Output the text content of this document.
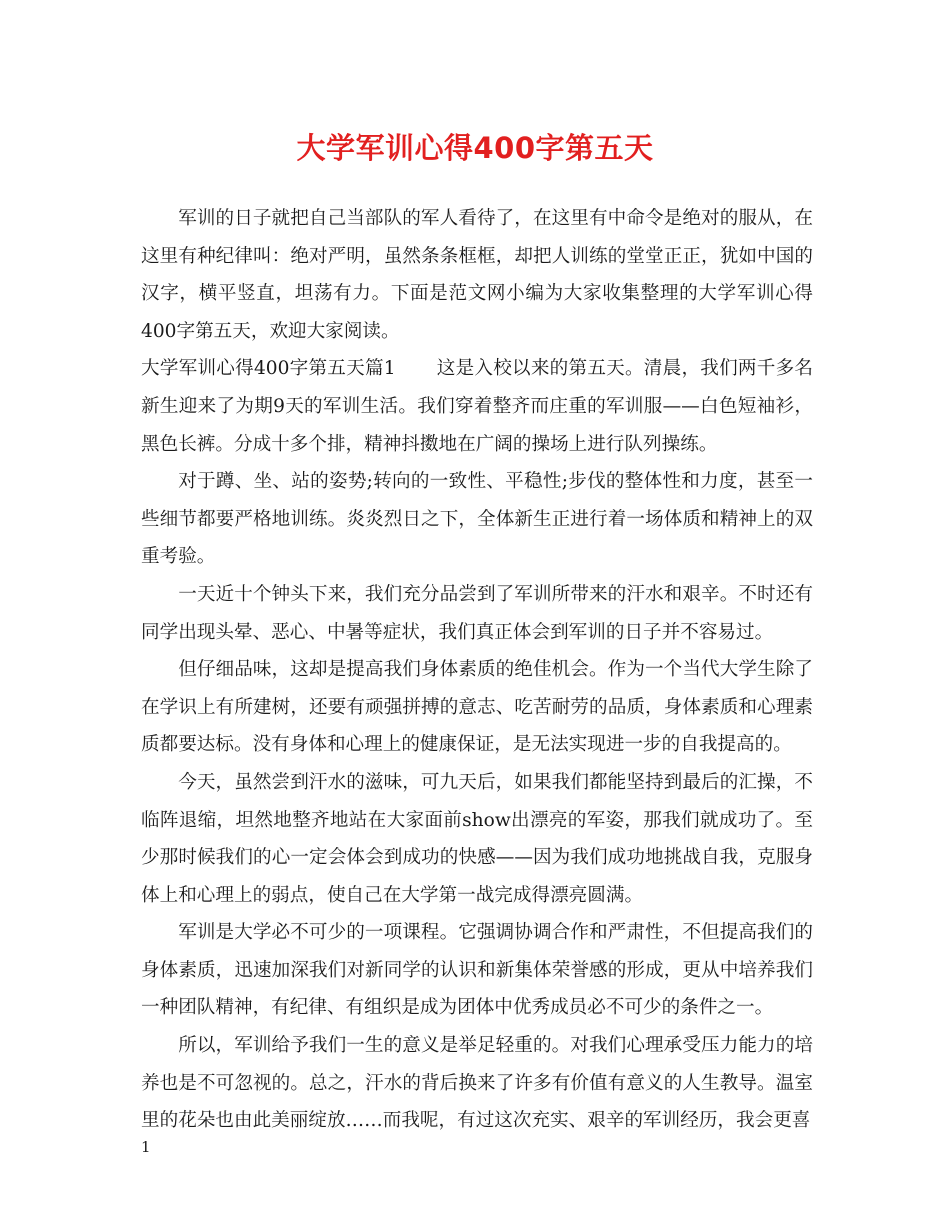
大学军训心得400字第五天

军训的日子就把自己当部队的军人看待了，在这里有中命令是绝对的服从，在这里有种纪律叫：绝对严明，虽然条条框框，却把人训练的堂堂正正，犹如中国的汉字，横平竖直，坦荡有力。下面是范文网小编为大家收集整理的大学军训心得400字第五天，欢迎大家阅读。

大学军训心得400字第五天篇1 这是入校以来的第五天。清晨，我们两千多名新生迎来了为期9天的军训生活。我们穿着整齐而庄重的军训服——白色短袖衫，黑色长裤。分成十多个排，精神抖擞地在广阔的操场上进行队列操练。

对于蹲、坐、站的姿势;转向的一致性、平稳性;步伐的整体性和力度，甚至一些细节都要严格地训练。炎炎烈日之下，全体新生正进行着一场体质和精神上的双重考验。

一天近十个钟头下来，我们充分品尝到了军训所带来的汗水和艰辛。不时还有同学出现头晕、恶心、中暑等症状，我们真正体会到军训的日子并不容易过。

但仔细品味，这却是提高我们身体素质的绝佳机会。作为一个当代大学生除了在学识上有所建树，还要有顽强拼搏的意志、吃苦耐劳的品质，身体素质和心理素质都要达标。没有身体和心理上的健康保证，是无法实现进一步的自我提高的。

今天，虽然尝到汗水的滋味，可九天后，如果我们都能坚持到最后的汇操，不临阵退缩，坦然地整齐地站在大家面前show出漂亮的军姿，那我们就成功了。至少那时候我们的心一定会体会到成功的快感——因为我们成功地挑战自我，克服身体上和心理上的弱点，使自己在大学第一战完成得漂亮圆满。

军训是大学必不可少的一项课程。它强调协调合作和严肃性，不但提高我们的身体素质，迅速加深我们对新同学的认识和新集体荣誉感的形成，更从中培养我们一种团队精神，有纪律、有组织是成为团体中优秀成员必不可少的条件之一。

所以，军训给予我们一生的意义是举足轻重的。对我们心理承受压力能力的培养也是不可忽视的。总之，汗水的背后换来了许多有价值有意义的人生教导。温室里的花朵也由此美丽绽放……而我呢，有过这次充实、艰辛的军训经历，我会更喜

1
